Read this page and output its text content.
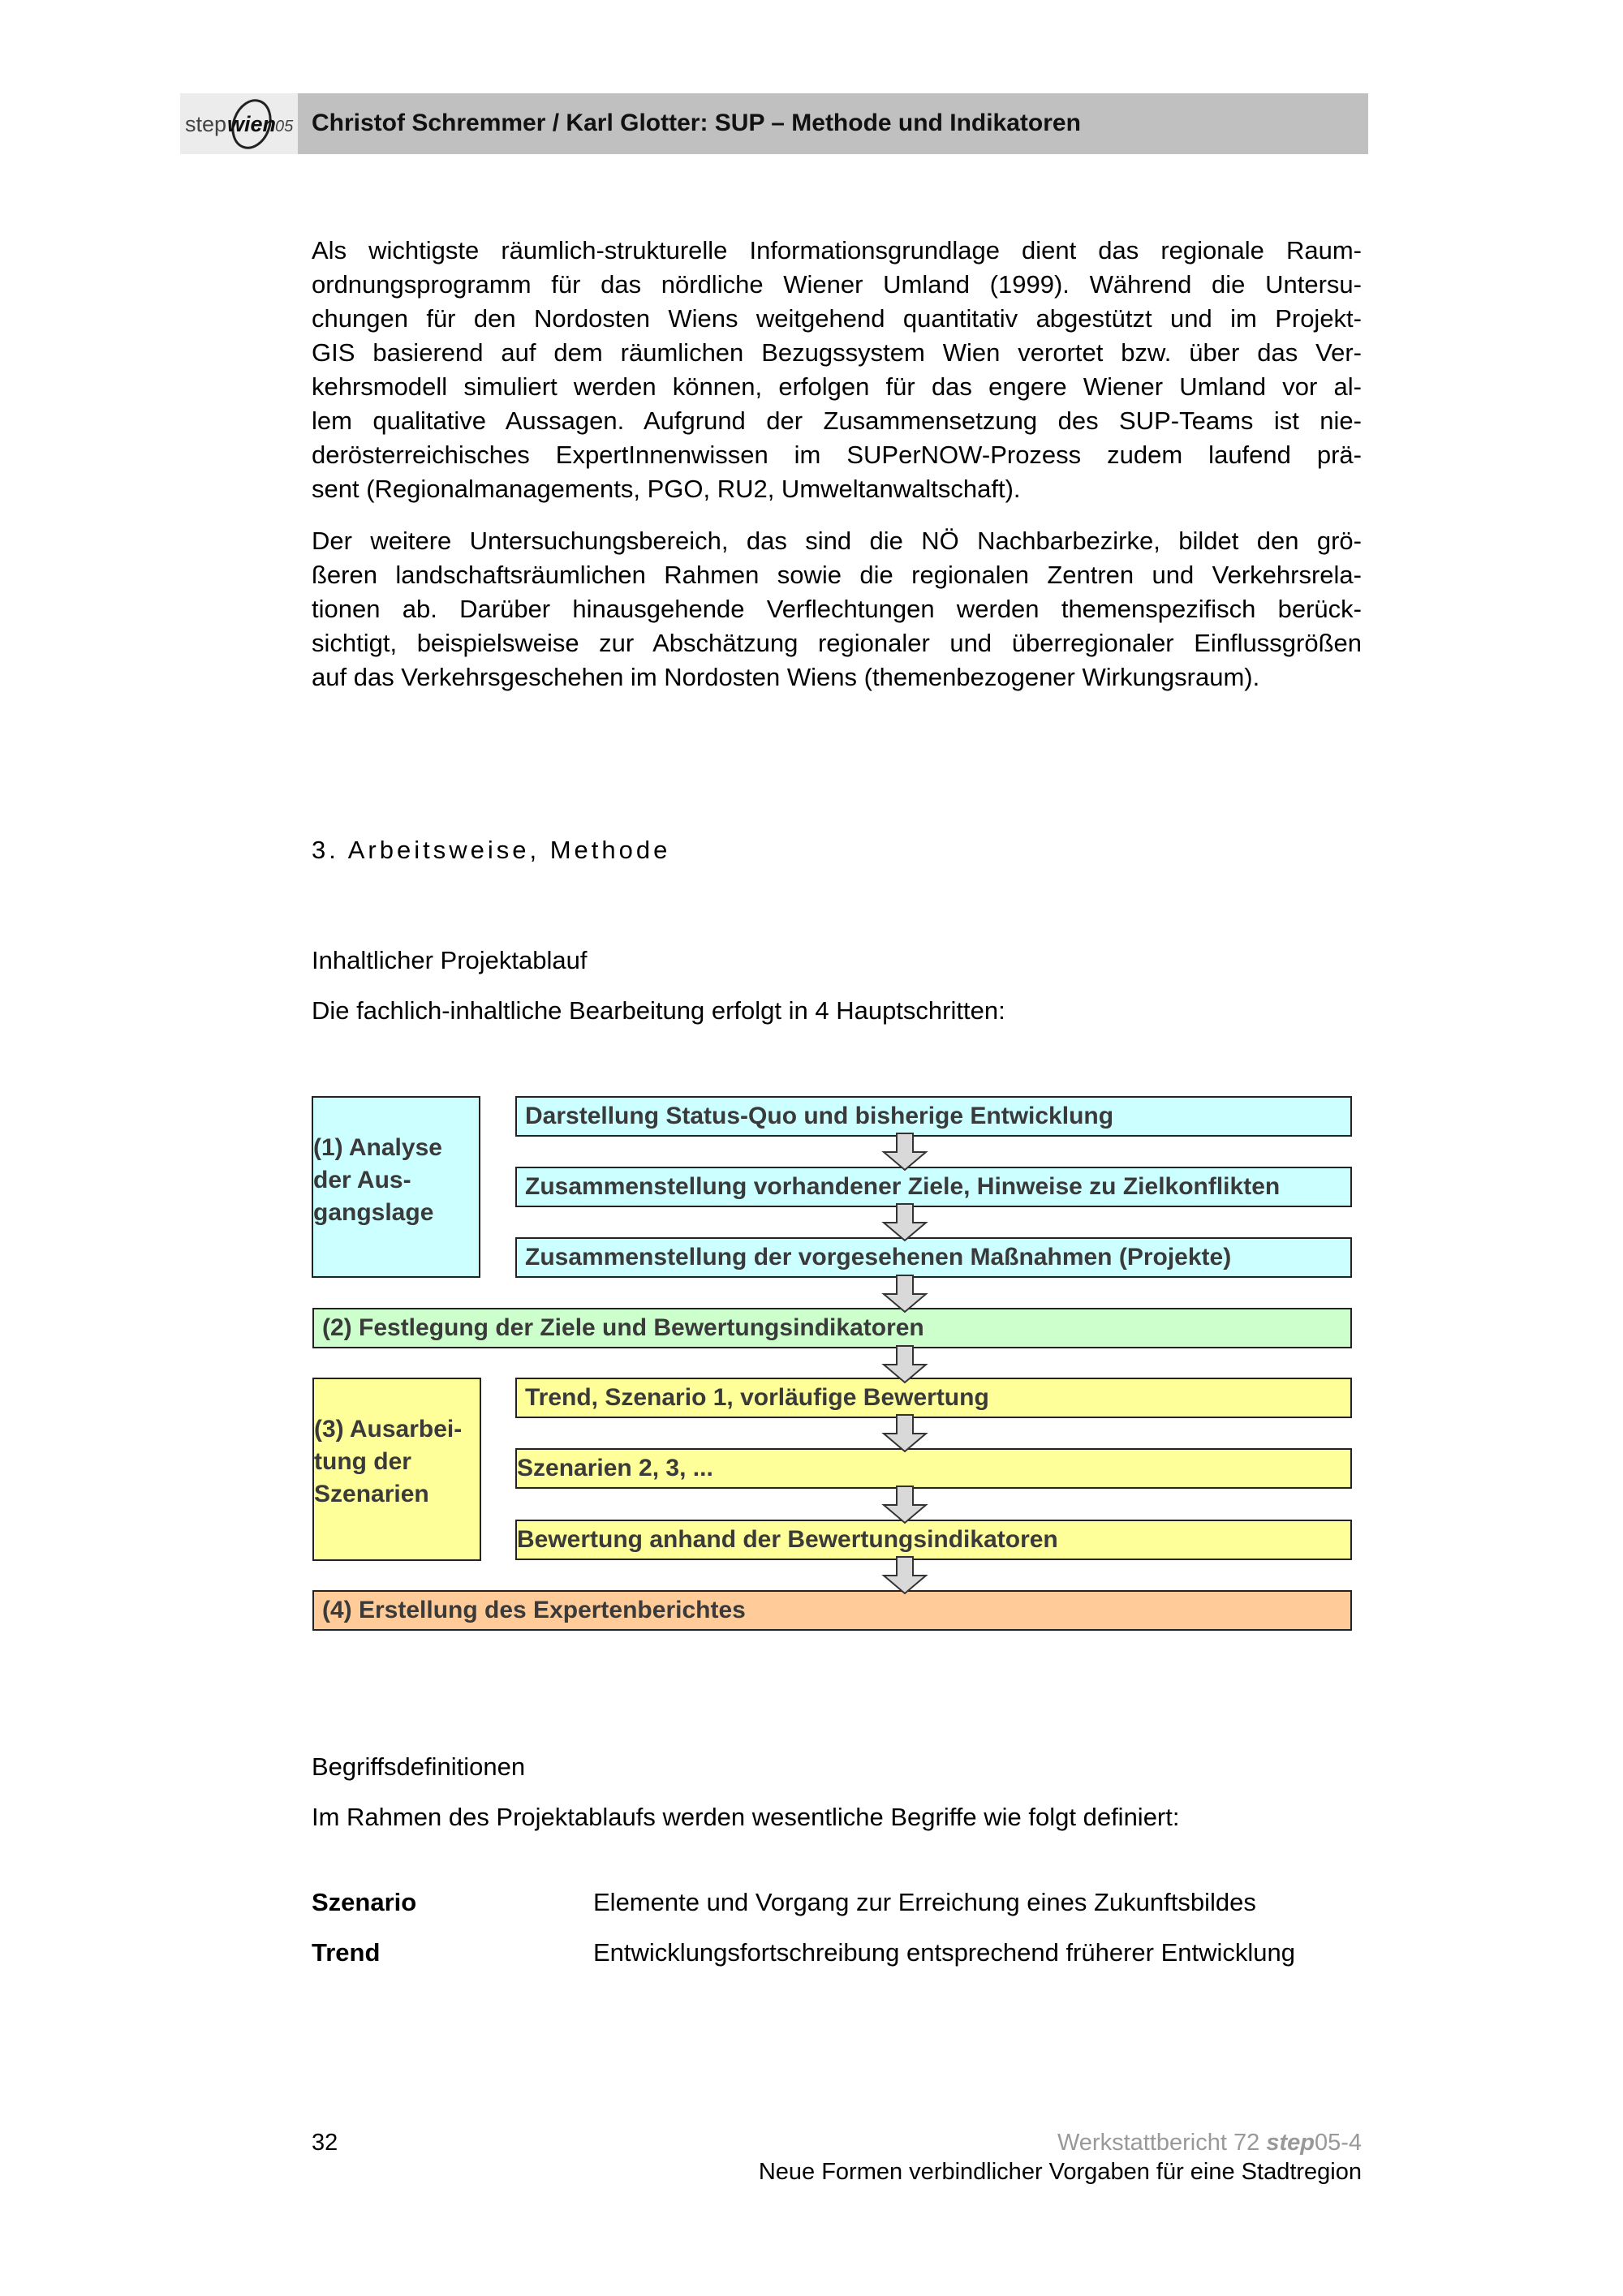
step wien
05 Christof Schremmer / Karl Glotter: SUP – Methode und Indikatoren
Als wichtigste räumlich-strukturelle Informationsgrundlage dient das regionale Raum-
ordnungsprogramm für das nördliche Wiener Umland (1999). Während die Untersu-
chungen für den Nordosten Wiens weitgehend quantitativ abgestützt und im Projekt-
GIS basierend auf dem räumlichen Bezugssystem Wien verortet bzw. über das Ver-
kehrsmodell simuliert werden können, erfolgen für das engere Wiener Umland vor al-
lem qualitative Aussagen. Aufgrund der Zusammensetzung des SUP-Teams ist nie-
derösterreichisches ExpertInnenwissen im SUPerNOW-Prozess zudem laufend prä-
sent (Regionalmanagements, PGO, RU2, Umweltanwaltschaft).
Der weitere Untersuchungsbereich, das sind die NÖ Nachbarbezirke, bildet den grö-
ßeren landschaftsräumlichen Rahmen sowie die regionalen Zentren und Verkehrsrela-
tionen ab. Darüber hinausgehende Verflechtungen werden themenspezifisch berück-
sichtigt, beispielsweise zur Abschätzung regionaler und überregionaler Einflussgrößen
auf das Verkehrsgeschehen im Nordosten Wiens (themenbezogener Wirkungsraum).
3. Arbeitsweise, Methode
Inhaltlicher Projektablauf
Die fachlich-inhaltliche Bearbeitung erfolgt in 4 Hauptschritten:
(1) Analyse der Aus-gangslage
Darstellung Status-Quo und bisherige Entwicklung
Zusammenstellung vorhandener Ziele, Hinweise zu Zielkonflikten
Zusammenstellung der vorgesehenen Maßnahmen (Projekte)
(2) Festlegung der Ziele und Bewertungsindikatoren
(3) Ausarbei-tung der Szenarien
Trend, Szenario 1, vorläufige Bewertung
Szenarien 2, 3, ...
Bewertung anhand der Bewertungsindikatoren
(4) Erstellung des Expertenberichtes
Begriffsdefinitionen
Im Rahmen des Projektablaufs werden wesentliche Begriffe wie folgt definiert:
Szenario	Elemente und Vorgang zur Erreichung eines Zukunftsbildes
Trend	Entwicklungsfortschreibung entsprechend früherer Entwicklung
32	Werkstattbericht 72 step05-4
Neue Formen verbindlicher Vorgaben für eine Stadtregion
